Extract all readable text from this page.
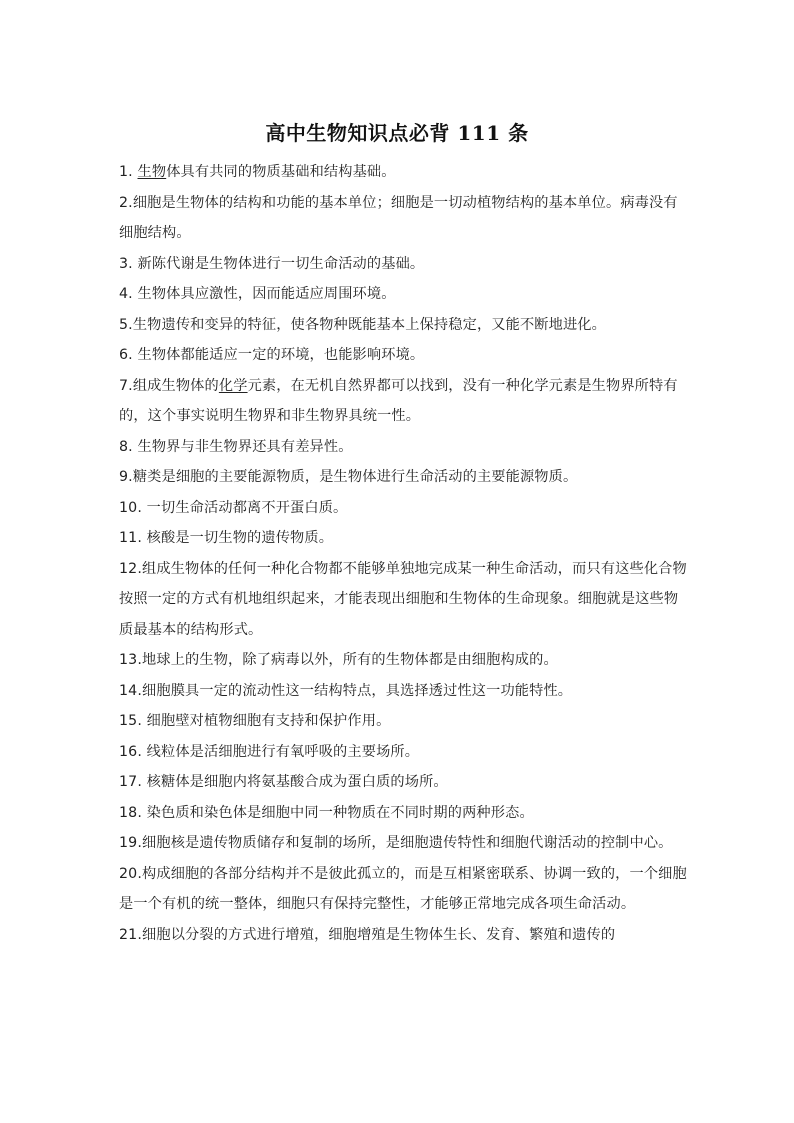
高中生物知识点必背 111 条

1. 生物体具有共同的物质基础和结构基础。

2.细胞是生物体的结构和功能的基本单位；细胞是一切动植物结构的基本单位。病毒没有细胞结构。

3. 新陈代谢是生物体进行一切生命活动的基础。

4. 生物体具应激性，因而能适应周围环境。

5.生物遗传和变异的特征，使各物种既能基本上保持稳定，又能不断地进化。

6. 生物体都能适应一定的环境，也能影响环境。

7.组成生物体的化学元素，在无机自然界都可以找到，没有一种化学元素是生物界所特有的，这个事实说明生物界和非生物界具统一性。

8. 生物界与非生物界还具有差异性。

9.糖类是细胞的主要能源物质，是生物体进行生命活动的主要能源物质。

10. 一切生命活动都离不开蛋白质。

11. 核酸是一切生物的遗传物质。

12.组成生物体的任何一种化合物都不能够单独地完成某一种生命活动，而只有这些化合物按照一定的方式有机地组织起来，才能表现出细胞和生物体的生命现象。细胞就是这些物质最基本的结构形式。

13.地球上的生物，除了病毒以外，所有的生物体都是由细胞构成的。

14.细胞膜具一定的流动性这一结构特点，具选择透过性这一功能特性。

15. 细胞壁对植物细胞有支持和保护作用。

16. 线粒体是活细胞进行有氧呼吸的主要场所。

17. 核糖体是细胞内将氨基酸合成为蛋白质的场所。

18. 染色质和染色体是细胞中同一种物质在不同时期的两种形态。

19.细胞核是遗传物质储存和复制的场所，是细胞遗传特性和细胞代谢活动的控制中心。

20.构成细胞的各部分结构并不是彼此孤立的，而是互相紧密联系、协调一致的，一个细胞是一个有机的统一整体，细胞只有保持完整性，才能够正常地完成各项生命活动。

21.细胞以分裂的方式进行增殖，细胞增殖是生物体生长、发育、繁殖和遗传的
